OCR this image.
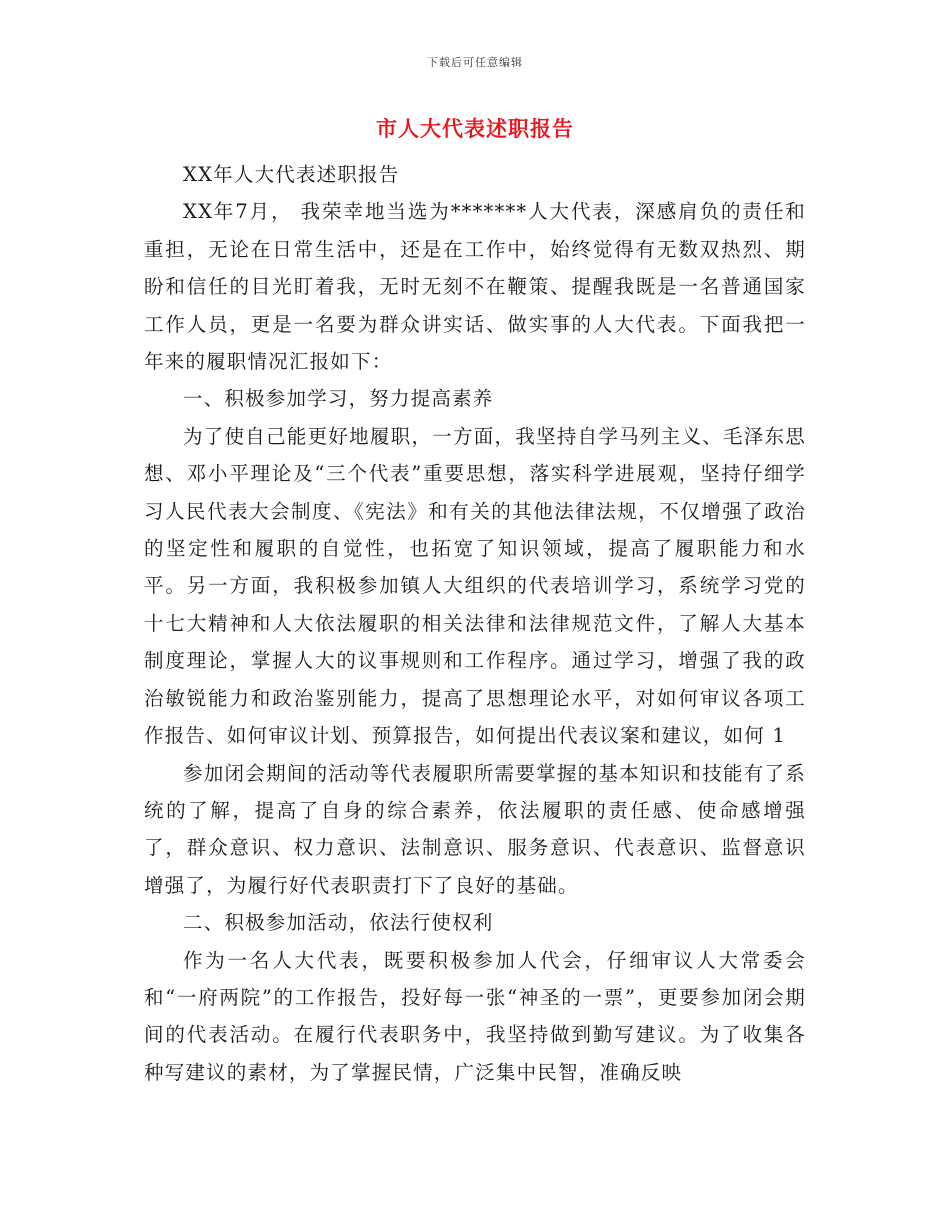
下载后可任意编辑
市人大代表述职报告

XX年人大代表述职报告

XX年7月， 我荣幸地当选为*******人大代表，深感肩负的责任和重担，无论在日常生活中，还是在工作中，始终觉得有无数双热烈、期盼和信任的目光盯着我，无时无刻不在鞭策、提醒我既是一名普通国家工作人员，更是一名要为群众讲实话、做实事的人大代表。下面我把一年来的履职情况汇报如下：

一、积极参加学习，努力提高素养

为了使自己能更好地履职，一方面，我坚持自学马列主义、毛泽东思想、邓小平理论及“三个代表”重要思想，落实科学进展观，坚持仔细学习人民代表大会制度、《宪法》和有关的其他法律法规，不仅增强了政治的坚定性和履职的自觉性，也拓宽了知识领域，提高了履职能力和水平。另一方面，我积极参加镇人大组织的代表培训学习，系统学习党的十七大精神和人大依法履职的相关法律和法律规范文件，了解人大基本制度理论，掌握人大的议事规则和工作程序。通过学习，增强了我的政治敏锐能力和政治鉴别能力，提高了思想理论水平，对如何审议各项工作报告、如何审议计划、预算报告，如何提出代表议案和建议，如何 1

参加闭会期间的活动等代表履职所需要掌握的基本知识和技能有了系统的了解，提高了自身的综合素养，依法履职的责任感、使命感增强了，群众意识、权力意识、法制意识、服务意识、代表意识、监督意识增强了，为履行好代表职责打下了良好的基础。

二、积极参加活动，依法行使权利

作为一名人大代表，既要积极参加人代会，仔细审议人大常委会和“一府两院”的工作报告，投好每一张“神圣的一票”，更要参加闭会期间的代表活动。在履行代表职务中，我坚持做到勤写建议。为了收集各种写建议的素材，为了掌握民情，广泛集中民智，准确反映
